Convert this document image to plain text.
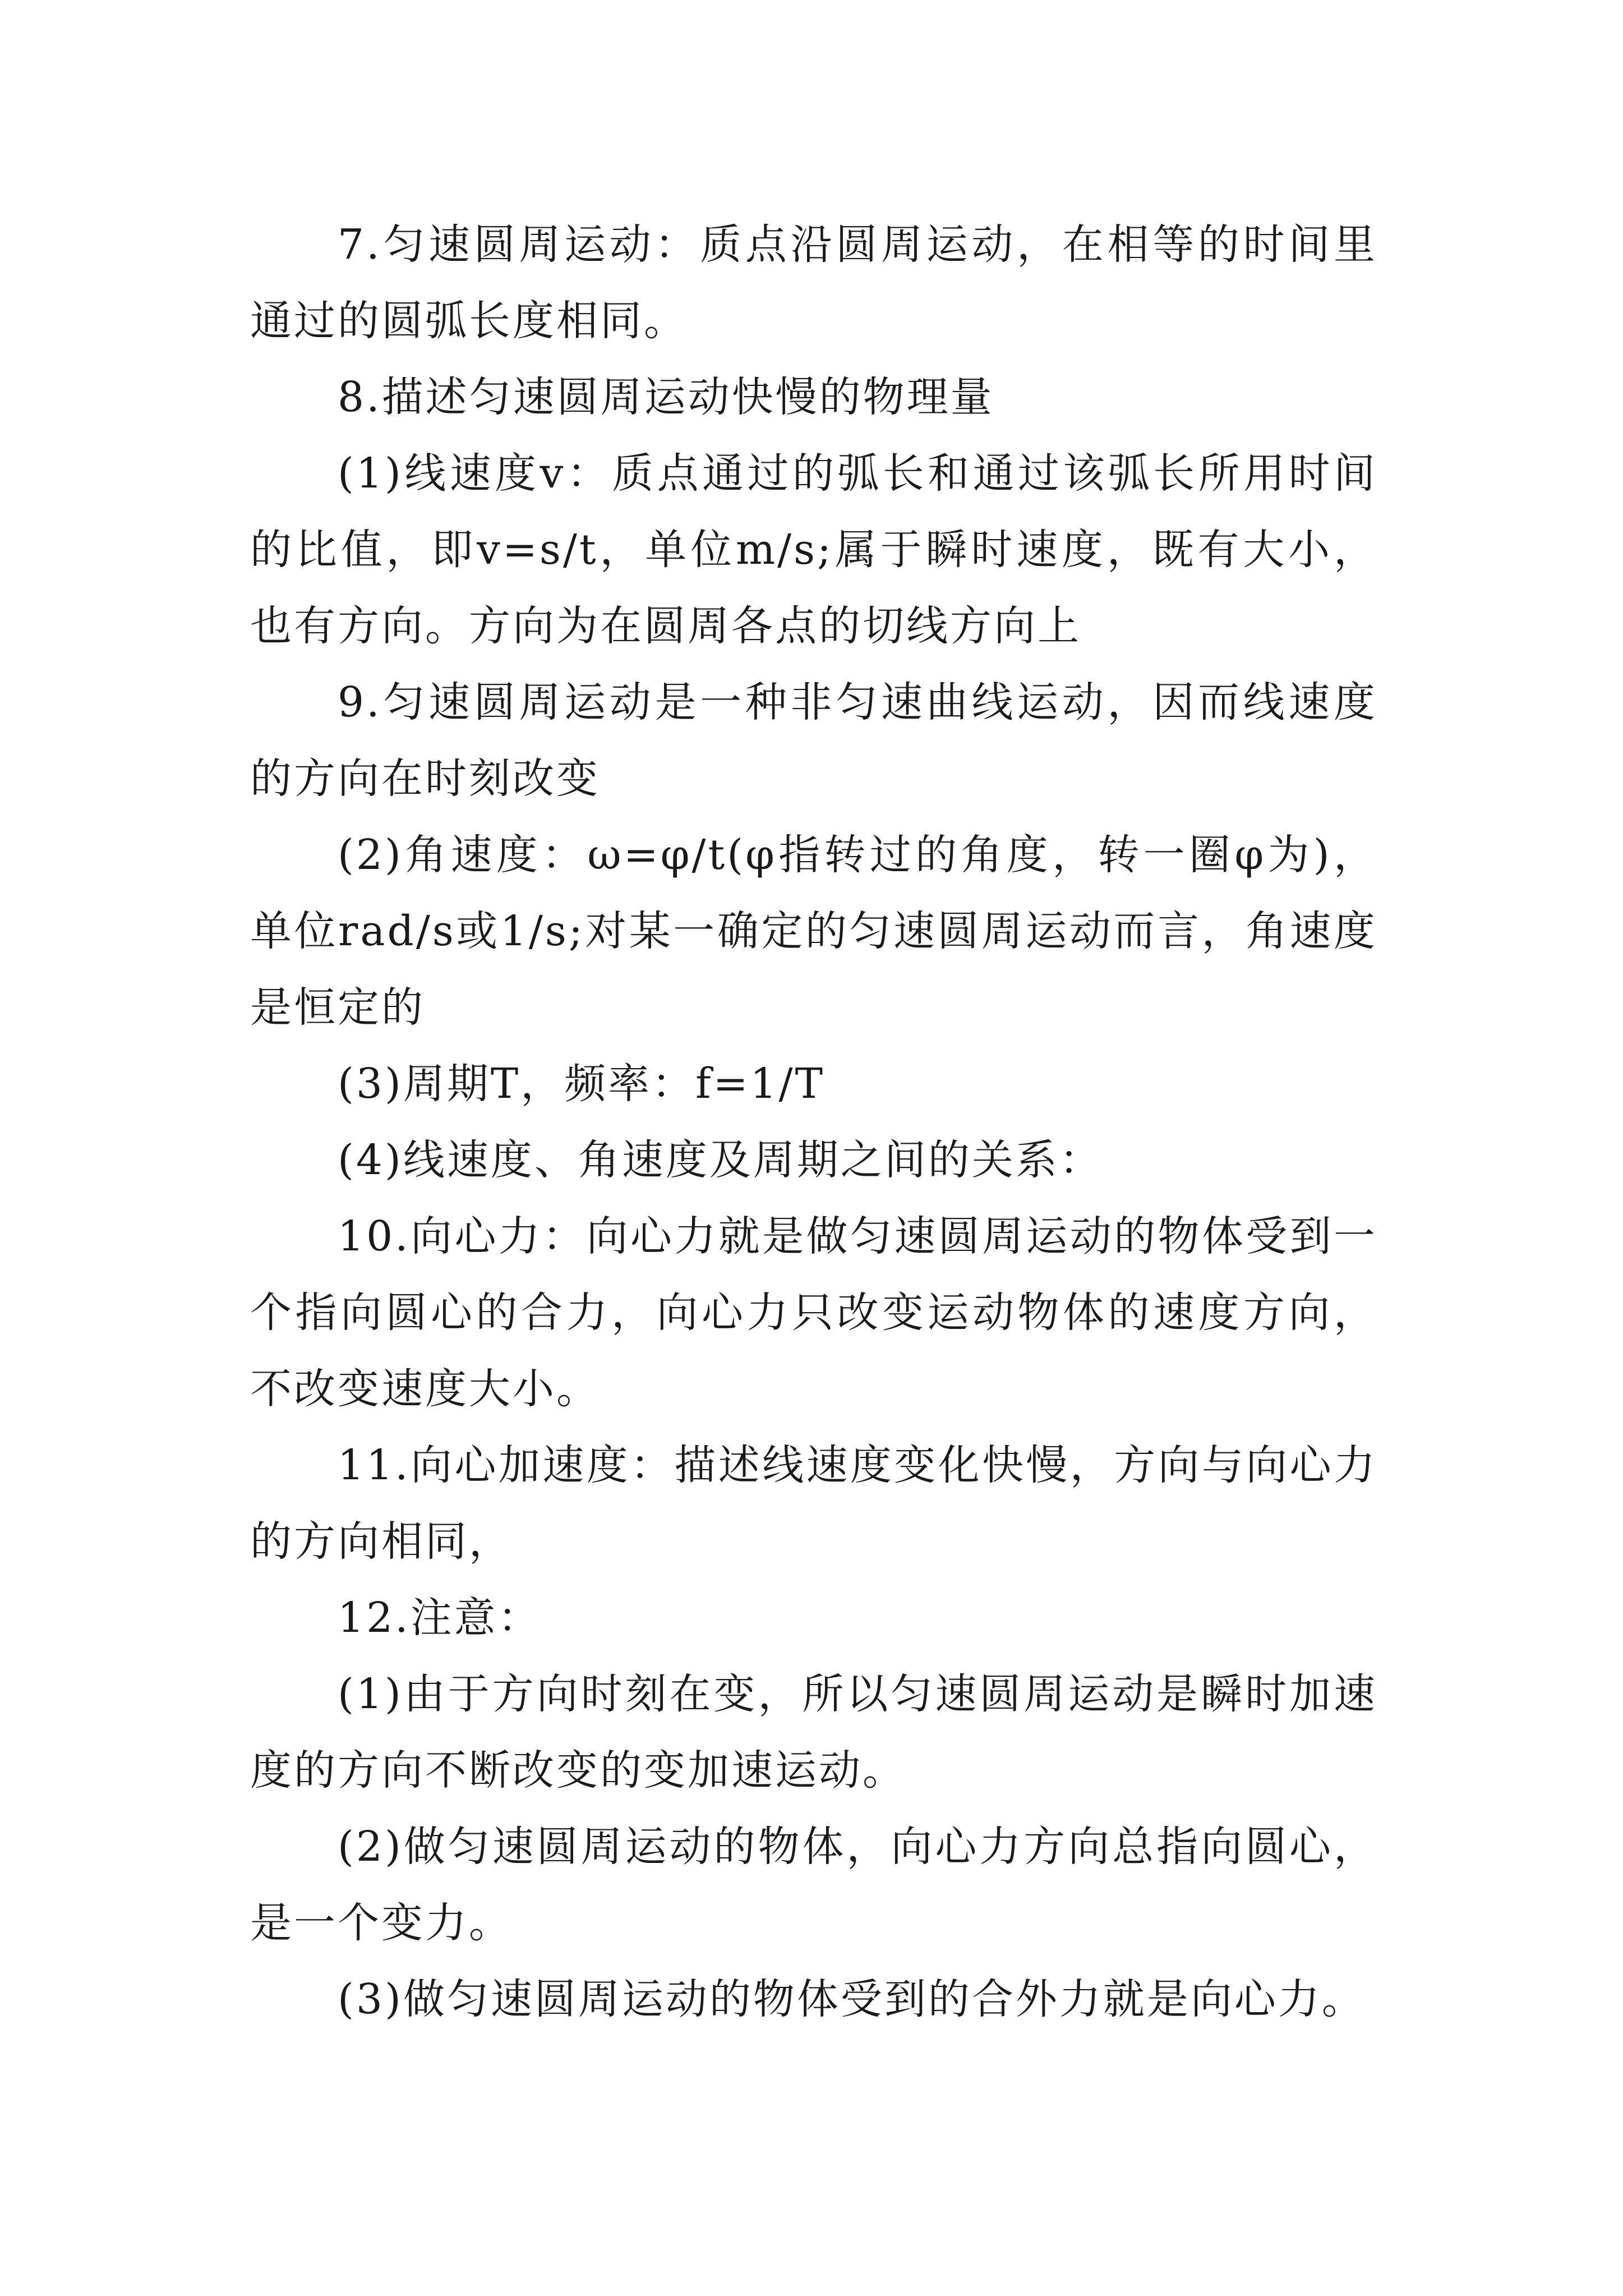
7.匀速圆周运动：质点沿圆周运动，在相等的时间里通过的圆弧长度相同。

8.描述匀速圆周运动快慢的物理量

(1)线速度v：质点通过的弧长和通过该弧长所用时间的比值，即v=s/t，单位m/s;属于瞬时速度，既有大小，也有方向。方向为在圆周各点的切线方向上

9.匀速圆周运动是一种非匀速曲线运动，因而线速度的方向在时刻改变

(2)角速度：ω=φ/t(φ指转过的角度，转一圈φ为)，单位rad/s或1/s;对某一确定的匀速圆周运动而言，角速度是恒定的

(3)周期T，频率：f=1/T

(4)线速度、角速度及周期之间的关系：

10.向心力：向心力就是做匀速圆周运动的物体受到一个指向圆心的合力，向心力只改变运动物体的速度方向，不改变速度大小。

11.向心加速度：描述线速度变化快慢，方向与向心力的方向相同，

12.注意：

(1)由于方向时刻在变，所以匀速圆周运动是瞬时加速度的方向不断改变的变加速运动。

(2)做匀速圆周运动的物体，向心力方向总指向圆心，是一个变力。

(3)做匀速圆周运动的物体受到的合外力就是向心力。
